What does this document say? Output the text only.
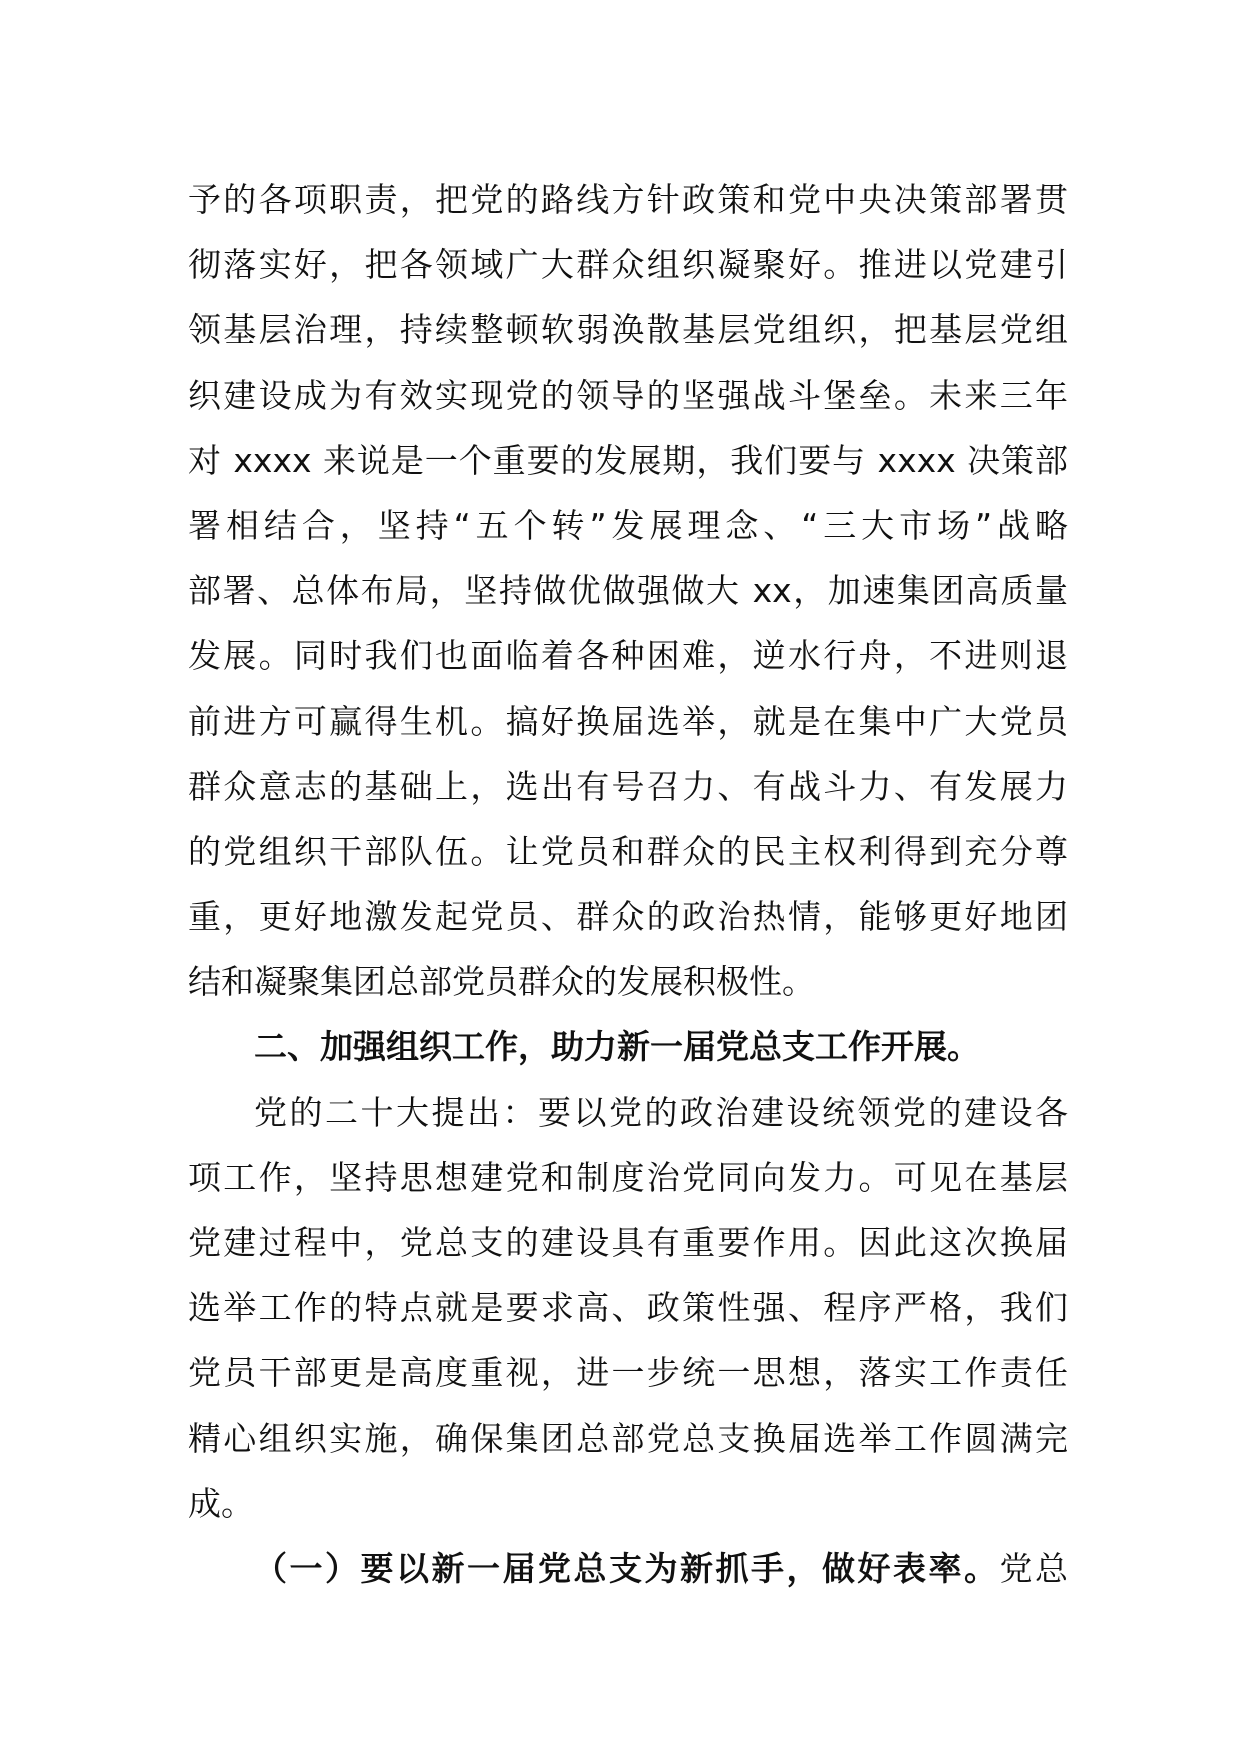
予的各项职责，把党的路线方针政策和党中央决策部署贯
彻落实好，把各领域广大群众组织凝聚好。推进以党建引
领基层治理，持续整顿软弱涣散基层党组织，把基层党组
织建设成为有效实现党的领导的坚强战斗堡垒。未来三年
对 xxxx 来说是一个重要的发展期，我们要与 xxxx 决策部
署相结合，坚持“五个转”发展理念、“三大市场”战略
部署、总体布局，坚持做优做强做大 xx，加速集团高质量
发展。同时我们也面临着各种困难，逆水行舟，不进则退
前进方可赢得生机。搞好换届选举，就是在集中广大党员
群众意志的基础上，选出有号召力、有战斗力、有发展力
的党组织干部队伍。让党员和群众的民主权利得到充分尊
重，更好地激发起党员、群众的政治热情，能够更好地团
结和凝聚集团总部党员群众的发展积极性。
二、加强组织工作，助力新一届党总支工作开展。
党的二十大提出：要以党的政治建设统领党的建设各
项工作，坚持思想建党和制度治党同向发力。可见在基层
党建过程中，党总支的建设具有重要作用。因此这次换届
选举工作的特点就是要求高、政策性强、程序严格，我们
党员干部更是高度重视，进一步统一思想，落实工作责任
精心组织实施，确保集团总部党总支换届选举工作圆满完
成。
（一）要以新一届党总支为新抓手，做好表率。党总
